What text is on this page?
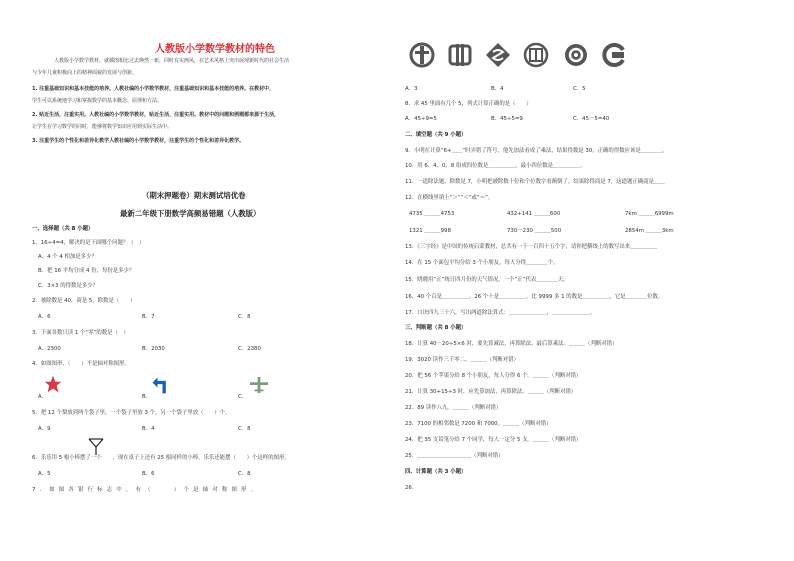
人教版小学数学教材的特色
人教版小学数学教材，就插图相比过去焕然一新，同时有实画风，在艺术风格上突出展现新时代的社会生活
与少年儿童积极向上的精神面貌的发展与创新。
1. 注重基础知识和基本技能的培养。人教社编的小学数学教材，注重基础知识和基本技能的培养。在教材中，
学生可以系统地学习和掌握数学的基本概念、原理和方法。
2. 贴近生活，注重实用。人教社编的小学数学教材，贴近生活，注重实用。教材中的问题和例题都来源于生活，
让学生在学习数学的同时，能够将数学知识应用到实际生活中。
3. 注重学生的个性化和差异化教学人教社编的小学数学教材，注重学生的个性化和差异化教学。
（期末押题卷）期末测试培优卷
最新二年级下册数学高频易错题（人教版）
一、选择题（共 8 小题）
1．16÷4=4，解决的是下面哪个问题？（　）
A．4 个 4 相加是多少？
B．把 16 平均分成 4 份，每份是多少？
C．3×3 的得数是多少？
2．被除数是 40，商是 5，除数是（　　）
A．6	B．7	C．8
3．下面各数只读 1 个“零”的数是（　）
A．2300	B．2030	C．2380
4．如图图形，（　　）不是轴对称图形。
A．	B．	C．
5．把 12 个梨放到两个袋子里，一个袋子里放 3 个，另一个袋子里放（　　）个。
A．9	B．4	C．8
6．乐乐用 5 根小棒摆了一个　　，现在桌子上还有 25 根同样的小棒，乐乐还能摆（　　）个这样的图形。
A．5	B．6	C．8
7．如图各银行标志中，有（　　）个是轴对称图形。
A．3	B．4	C．5
8．求 45 里面有几个 5，列式计算正确的是（　　）
A．45÷9=5	B．45÷5=9	C．45－5=40
二、填空题（共 9 小题）
9．小明在计算“6+＿＿”时弄错了符号，他先加法看成了乘法，结果得数是 30，正确的得数应该是＿＿＿＿。
10．用 6、4、0、8 组成四位数是＿＿＿＿＿，最小四位数是＿＿＿＿＿。
11．一道除法题，除数是 7，小明把被除数十位和个位数字看颠倒了，结果除得商是 7，这道题正确商是＿＿
12．在横线里填上“＞”“＜”或“＝”。
4735 ＿＿＿4753	432+141 ＿＿＿600	7km ＿＿＿6999m
1321 ＿＿＿998	730－230 ＿＿＿500	2854m ＿＿＿3km
13．《三字经》是中国的传统启蒙教材，总共有一千一百四十五个字，请你把横线上的数写出来＿＿＿＿＿
14．在 15 个面包平均分给 3 个小朋友，每人分得＿＿＿＿个。
15．晓晓用“正”统计四月份的天气情况，一个“正”代表＿＿＿＿天。
16．40 个百是＿＿＿＿＿，26 个十是＿＿＿＿＿，比 9999 多 1 的数是＿＿＿＿＿，它是＿＿＿＿位数。
17．口诀四九三十六，写出两道除法算式：＿＿＿＿＿＿＿，＿＿＿＿＿＿＿。
三、判断题（共 8 小题）
18．计算 40－20÷5×6 时，要先算减法，再算除法，最后算乘法。＿＿＿（判断对错）
19．3020 读作三千零二。＿＿＿（判断对错）
20．把 56 个苹果分给 8 个小朋友，每人分得 6 个。＿＿＿（判断对错）
21．计算 30+15÷3 时，应先算加法，再算除法。＿＿＿（判断对错）
22．89 读作八九。＿＿＿（判断对错）
23．7100 的相邻数是 7200 和 7000。＿＿＿（判断对错）
24．把 35 支铅笔分给 7 个同学，每人一定分 5 支。＿＿＿（判断对错）
25．＿＿＿＿＿＿＿＿＿＿（判断对错）
四、计算题（共 3 小题）
26．
